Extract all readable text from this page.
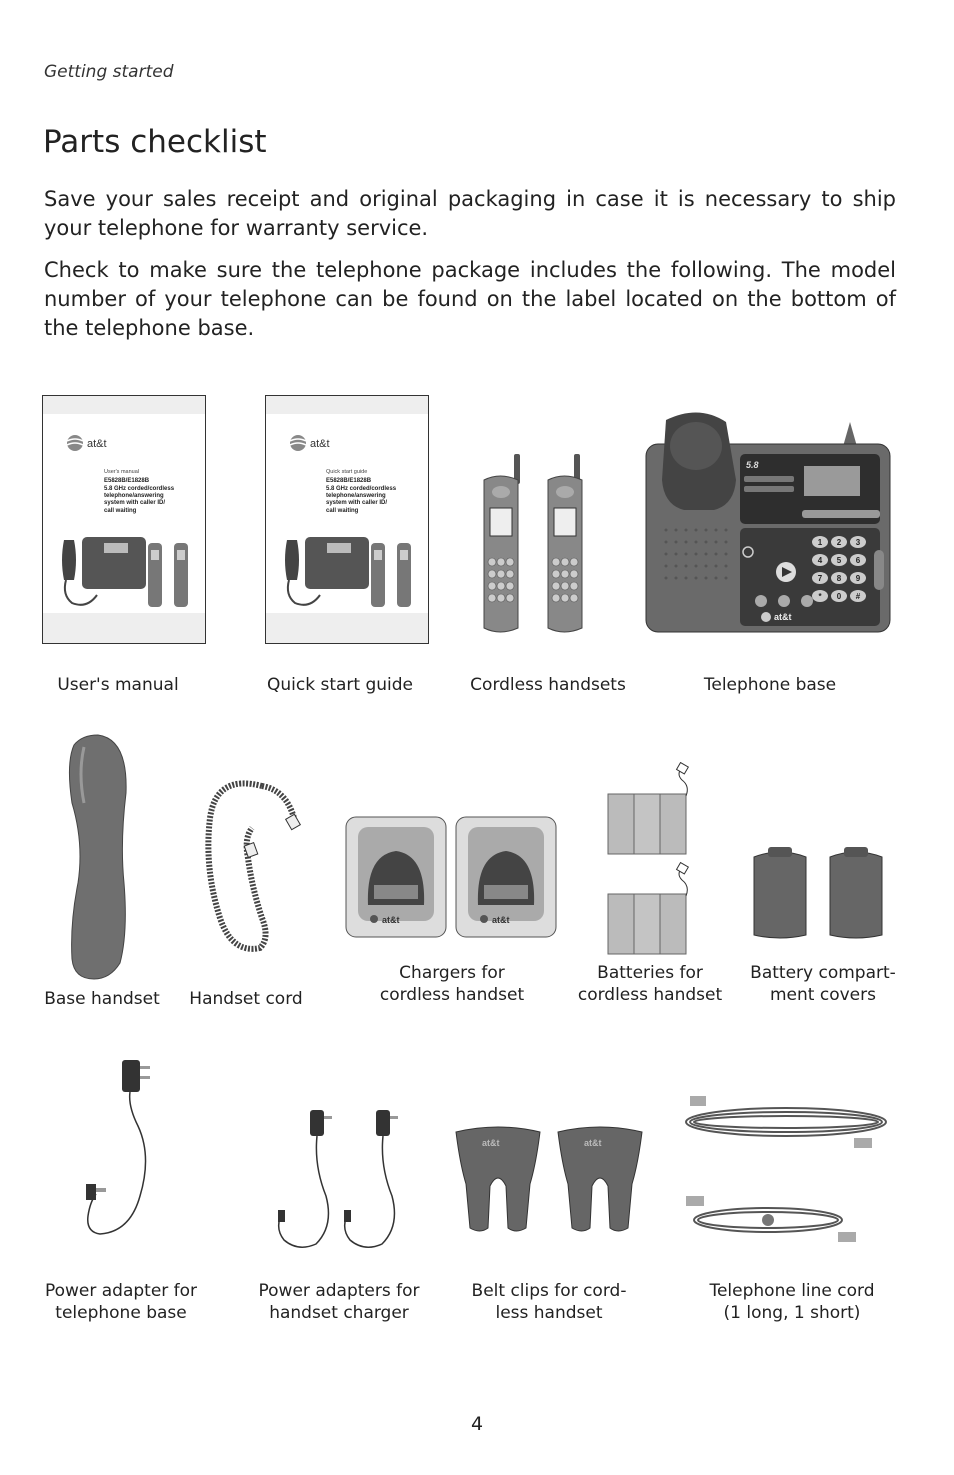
Getting started
Parts checklist

Save your sales receipt and original packaging in case it is necessary to ship your telephone for warranty service.

Check to make sure the telephone package includes the following. The model number of your telephone can be found on the label located on the bottom of the telephone base.

at&t
User's manual
E5828B/E1828B
5.8 GHz corded/cordless
telephone/answering
system with caller ID/
call waiting
at&t
Quick start guide
E5828B/E1828B
5.8 GHz corded/cordless
telephone/answering
system with caller ID/
call waiting
5.8
1 2 3
4 5 6
7 8 9
* 0 #
at&t
at&t	at&t
at&t	at&t
User's manual	Quick start guide	Cordless handsets	Telephone base
Base handset	Handset cord
Chargers for
cordless handset
Batteries for
cordless handset
Battery compart-
ment covers
Power adapter for
telephone base
Power adapters for
handset charger
Belt clips for cord-
less handset
Telephone line cord
(1 long, 1 short)
4
